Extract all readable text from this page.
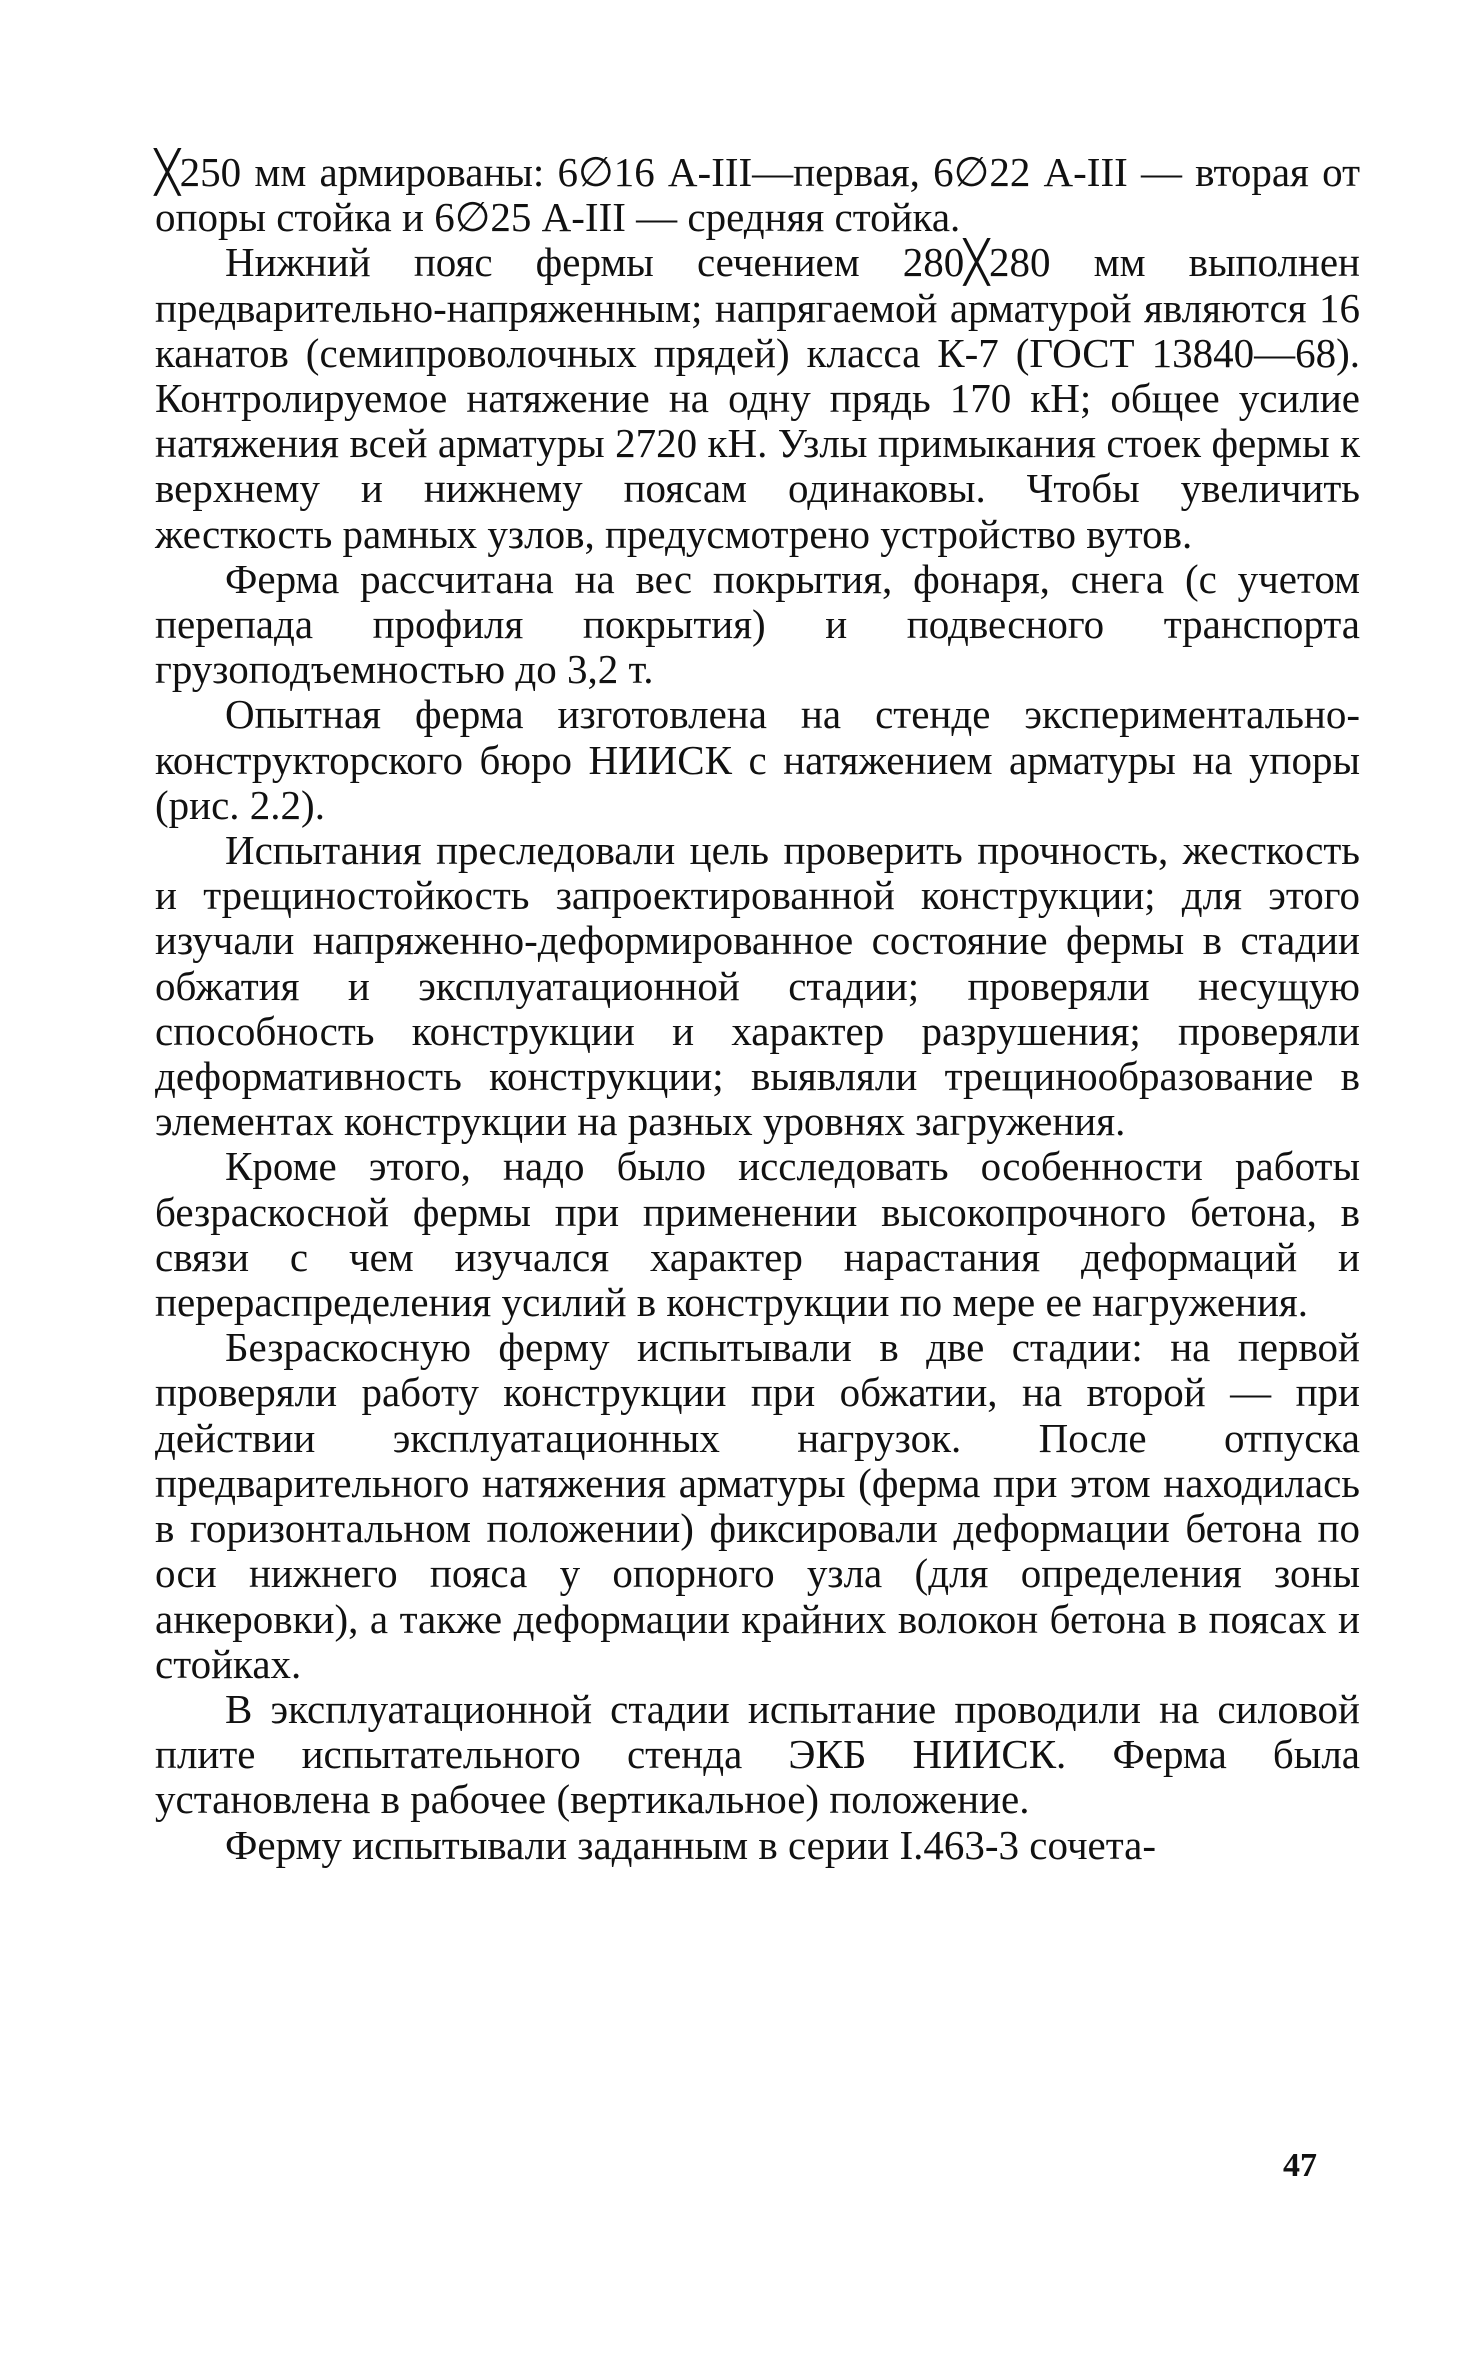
╳250 мм армированы: 6∅16 А-III—первая, 6∅22 А-III — вторая от опоры стойка и 6∅25 А-III — средняя стойка.

Нижний пояс фермы сечением 280╳280 мм выполнен предварительно-напряженным; напрягаемой арматурой являются 16 канатов (семипроволочных прядей) класса К-7 (ГОСТ 13840—68). Контролируемое натяжение на одну прядь 170 кН; общее усилие натяжения всей арматуры 2720 кН. Узлы примыкания стоек фермы к верхнему и нижнему поясам одинаковы. Чтобы увеличить жесткость рамных узлов, предусмотрено устройство вутов.

Ферма рассчитана на вес покрытия, фонаря, снега (с учетом перепада профиля покрытия) и подвесного транспорта грузоподъемностью до 3,2 т.

Опытная ферма изготовлена на стенде экспериментально-конструкторского бюро НИИСК с натяжением арматуры на упоры (рис. 2.2).

Испытания преследовали цель проверить прочность, жесткость и трещиностойкость запроектированной конструкции; для этого изучали напряженно-деформированное состояние фермы в стадии обжатия и эксплуатационной стадии; проверяли несущую способность конструкции и характер разрушения; проверяли деформативность конструкции; выявляли трещинообразование в элементах конструкции на разных уровнях загружения.

Кроме этого, надо было исследовать особенности работы безраскосной фермы при применении высокопрочного бетона, в связи с чем изучался характер нарастания деформаций и перераспределения усилий в конструкции по мере ее нагружения.

Безраскосную ферму испытывали в две стадии: на первой проверяли работу конструкции при обжатии, на второй — при действии эксплуатационных нагрузок. После отпуска предварительного натяжения арматуры (ферма при этом находилась в горизонтальном положении) фиксировали деформации бетона по оси нижнего пояса у опорного узла (для определения зоны анкеровки), а также деформации крайних волокон бетона в поясах и стойках.

В эксплуатационной стадии испытание проводили на силовой плите испытательного стенда ЭКБ НИИСК. Ферма была установлена в рабочее (вертикальное) положение.

Ферму испытывали заданным в серии I.463-3 сочета-

47
